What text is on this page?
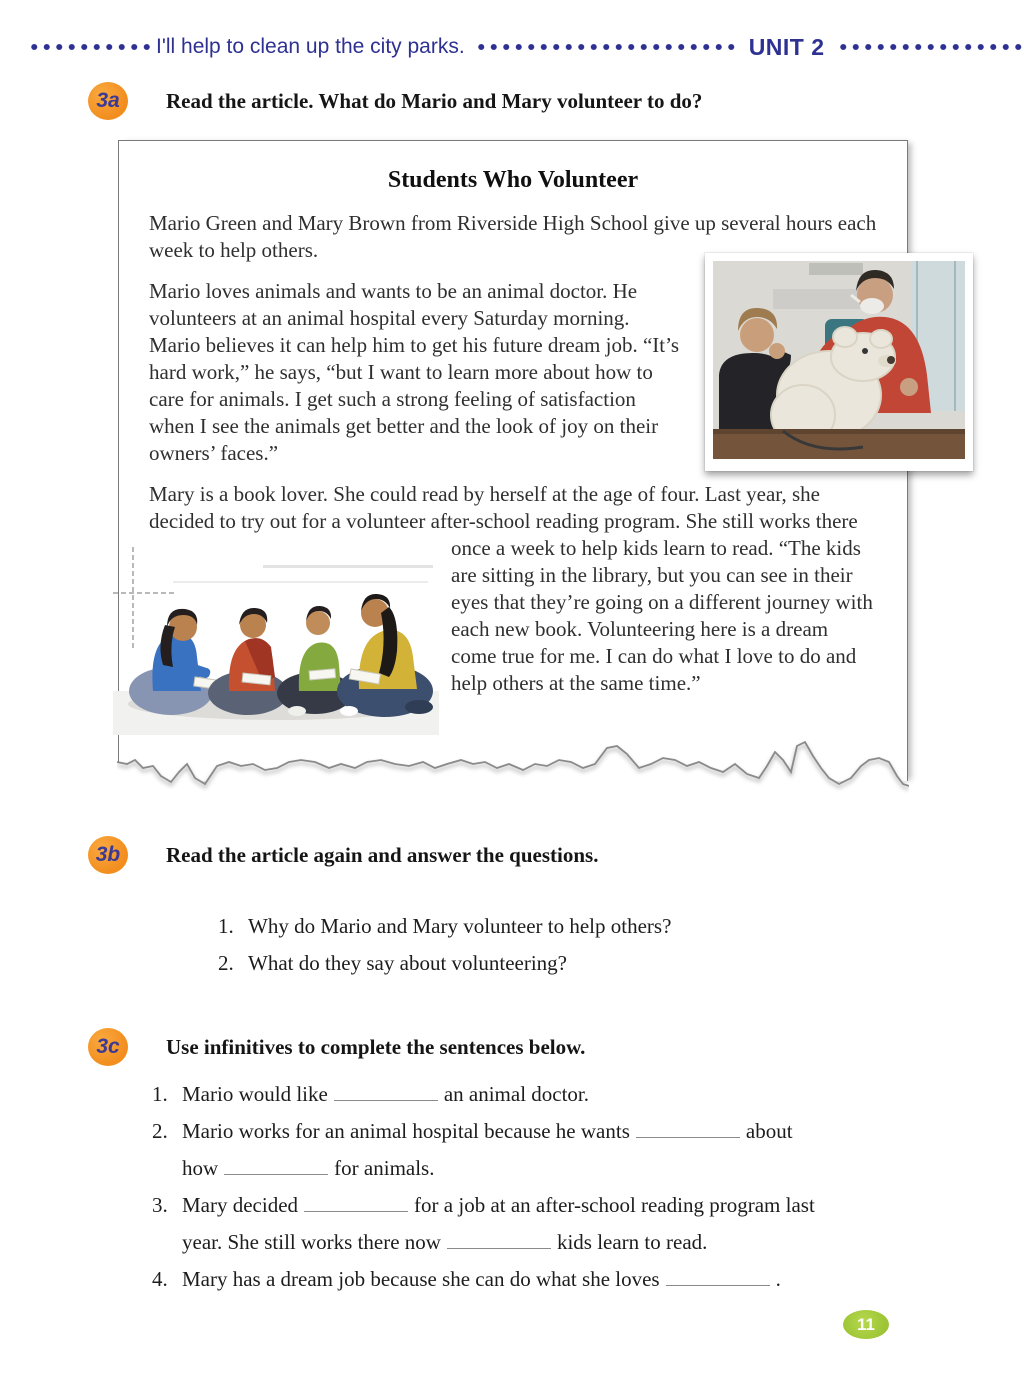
I'll help to clean up the city parks.	UNIT 2
3a	Read the article. What do Mario and Mary volunteer to do?
Students Who Volunteer

Mario Green and Mary Brown from Riverside High School give up several hours each week to help others.

Mario loves animals and wants to be an animal doctor. He volunteers at an animal hospital every Saturday morning. Mario believes it can help him to get his future dream job. “It’s hard work,” he says, “but I want to learn more about how to care for animals. I get such a strong feeling of satisfaction when I see the animals get better and the look of joy on their owners’ faces.”

Mary is a book lover. She could read by herself at the age of four. Last year, she decided to try out for a volunteer after-school reading program. She still works there once a week to help kids learn to read. “The kids are sitting in the library, but you can see in their eyes that they’re going on a different journey with each new book. Volunteering here is a dream come true for me. I can do what I love to do and help others at the same time.”

3b	Read the article again and answer the questions.
1. Why do Mario and Mary volunteer to help others?
2. What do they say about volunteering?
3c	Use infinitives to complete the sentences below.
1. Mario would like	an animal doctor.
2. Mario works for an animal hospital because he wants	about
how	for animals.
3. Mary decided	for a job at an after-school reading program last
year. She still works there now	kids learn to read.
4. Mary has a dream job because she can do what she loves	.
11
